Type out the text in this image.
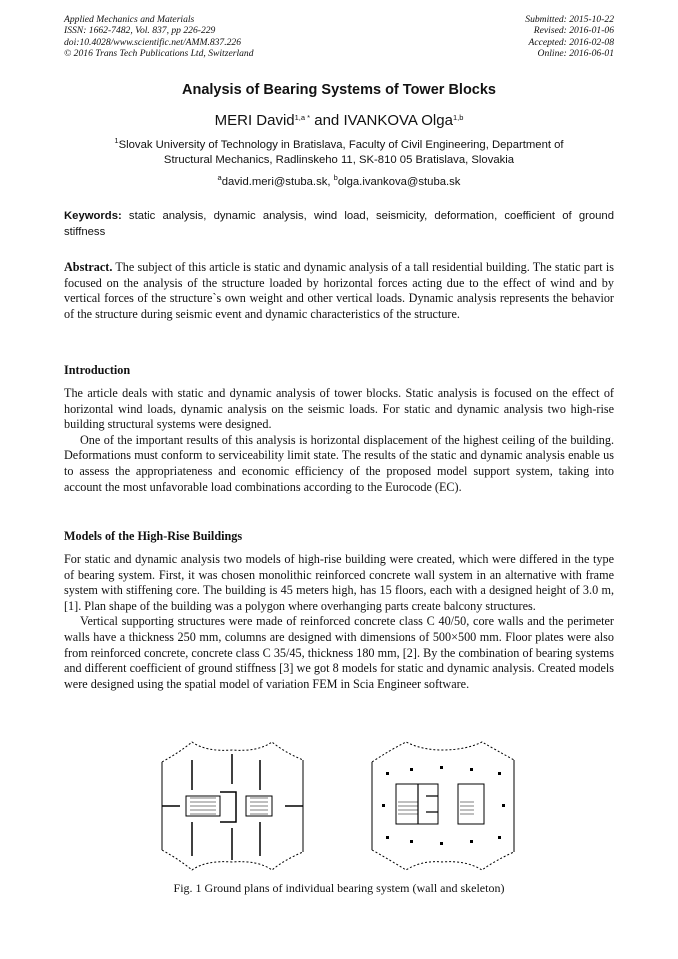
Applied Mechanics and Materials
ISSN: 1662-7482, Vol. 837, pp 226-229
doi:10.4028/www.scientific.net/AMM.837.226
© 2016 Trans Tech Publications Ltd, Switzerland
Submitted: 2015-10-22
Revised: 2016-01-06
Accepted: 2016-02-08
Online: 2016-06-01
Analysis of Bearing Systems of Tower Blocks
MERI David$^{1,a *}$ and IVANKOVA Olga$^{1,b}$
$^1$Slovak University of Technology in Bratislava, Faculty of Civil Engineering, Department of
Structural Mechanics, Radlinskeho 11, SK-810 05 Bratislava, Slovakia
$^a$david.meri@stuba.sk, $^b$olga.ivankova@stuba.sk
Keywords: static analysis, dynamic analysis, wind load, seismicity, deformation, coefficient of ground stiffness

Abstract. The subject of this article is static and dynamic analysis of a tall residential building. The static part is focused on the analysis of the structure loaded by horizontal forces acting due to the effect of wind and by vertical forces of the structure`s own weight and other vertical loads. Dynamic analysis represents the behavior of the structure during seismic event and dynamic characteristics of the structure.

Introduction

The article deals with static and dynamic analysis of tower blocks. Static analysis is focused on the effect of horizontal wind loads, dynamic analysis on the seismic loads. For static and dynamic analysis two high-rise building structural systems were designed.

One of the important results of this analysis is horizontal displacement of the highest ceiling of the building. Deformations must conform to serviceability limit state. The results of the static and dynamic analysis enable us to assess the appropriateness and economic efficiency of the proposed model support system, taking into account the most unfavorable load combinations according to the Eurocode (EC).

Models of the High-Rise Buildings

For static and dynamic analysis two models of high-rise building were created, which were differed in the type of bearing system. First, it was chosen monolithic reinforced concrete wall system in an alternative with frame system with stiffening core. The building is 45 meters high, has 15 floors, each with a designed height of 3.0 m, [1]. Plan shape of the building was a polygon where overhanging parts create balcony structures.

Vertical supporting structures were made of reinforced concrete class C 40/50, core walls and the perimeter walls have a thickness 250 mm, columns are designed with dimensions of 500×500 mm. Floor plates were also from reinforced concrete, concrete class C 35/45, thickness 180 mm, [2]. By the combination of bearing systems and different coefficient of ground stiffness [3] we got 8 models for static and dynamic analysis. Created models were designed using the spatial model of variation FEM in Scia Engineer software.

Fig. 1 Ground plans of individual bearing system (wall and skeleton)
